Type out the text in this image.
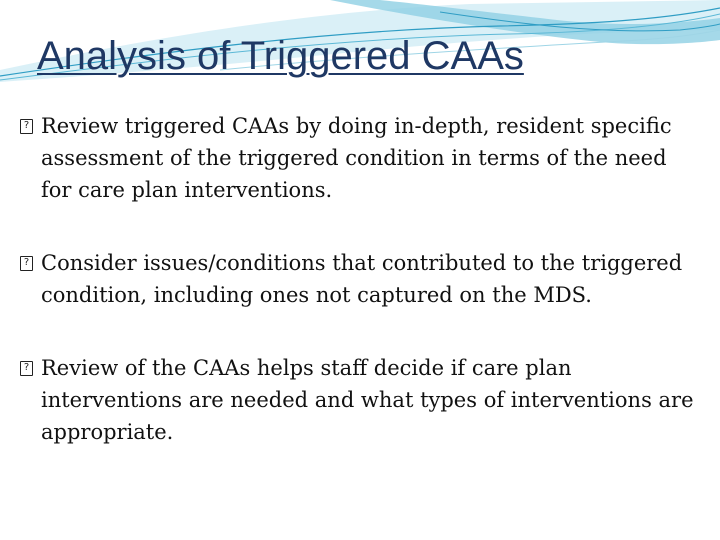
Analysis of Triggered CAAs
?
Review triggered CAAs by doing in-depth, resident specific assessment of the triggered condition in terms of the need for care plan interventions.
?
Consider issues/conditions that contributed to the triggered condition, including ones not captured on the MDS.
?
Review of the CAAs helps staff decide if care plan interventions are needed and what types of interventions are appropriate.
